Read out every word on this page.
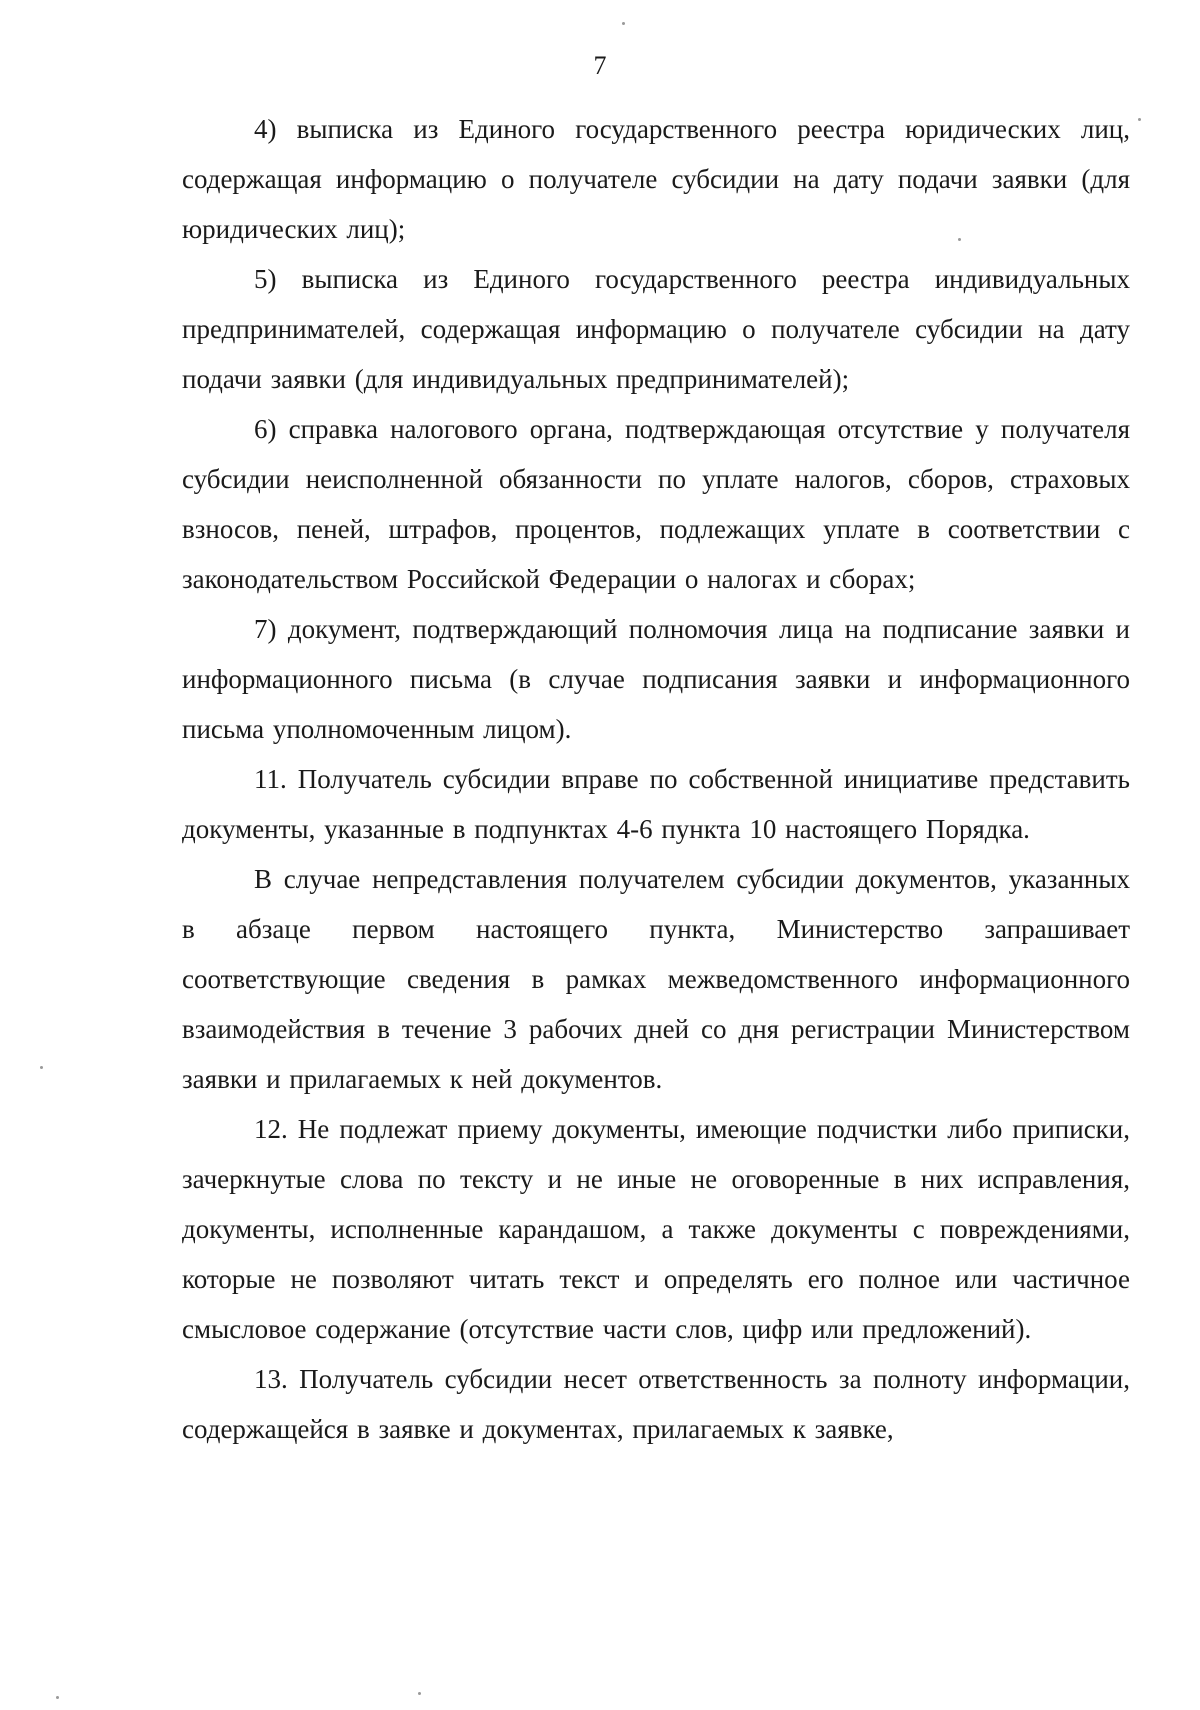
7

4) выписка из Единого государственного реестра юридических лиц, содержащая информацию о получателе субсидии на дату подачи заявки (для юридических лиц);

5) выписка из Единого государственного реестра индивидуальных предпринимателей, содержащая информацию о получателе субсидии на дату подачи заявки (для индивидуальных предпринимателей);

6) справка налогового органа, подтверждающая отсутствие у получателя субсидии неисполненной обязанности по уплате налогов, сборов, страховых взносов, пеней, штрафов, процентов, подлежащих уплате в соответствии с законодательством Российской Федерации о налогах и сборах;

7) документ, подтверждающий полномочия лица на подписание заявки и информационного письма (в случае подписания заявки и информационного письма уполномоченным лицом).

11. Получатель субсидии вправе по собственной инициативе представить документы, указанные в подпунктах 4-6 пункта 10 настоящего Порядка.

В случае непредставления получателем субсидии документов, указанных в абзаце первом настоящего пункта, Министерство запрашивает соответствующие сведения в рамках межведомственного информационного взаимодействия в течение 3 рабочих дней со дня регистрации Министерством заявки и прилагаемых к ней документов.

12. Не подлежат приему документы, имеющие подчистки либо приписки, зачеркнутые слова по тексту и не иные не оговоренные в них исправления, документы, исполненные карандашом, а также документы с повреждениями, которые не позволяют читать текст и определять его полное или частичное смысловое содержание (отсутствие части слов, цифр или предложений).

13. Получатель субсидии несет ответственность за полноту информации, содержащейся в заявке и документах, прилагаемых к заявке,
